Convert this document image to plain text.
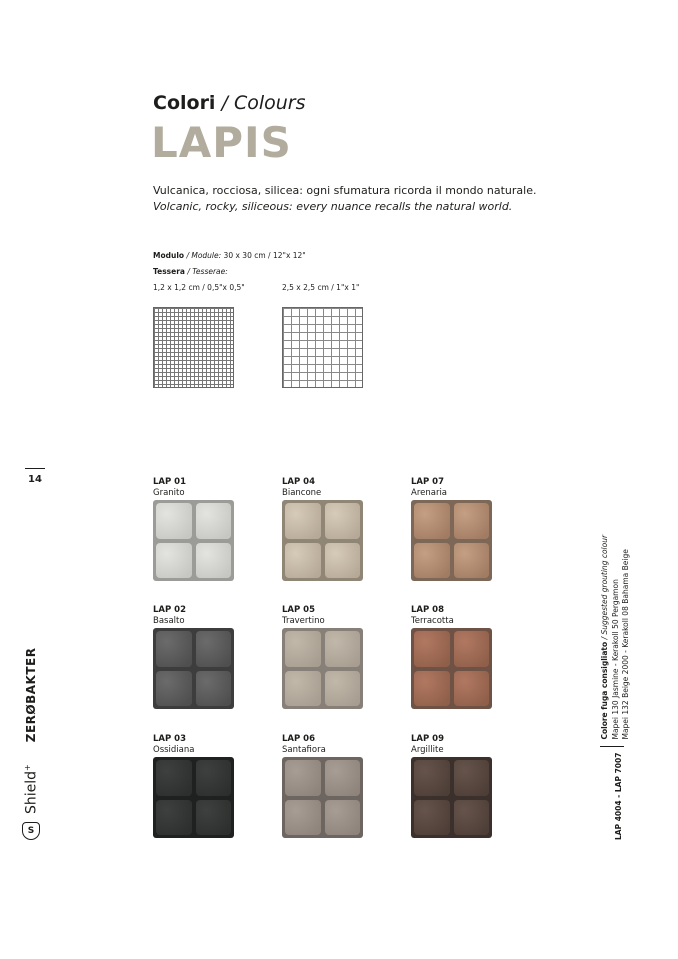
Colori / Colours
LAPIS
Vulcanica, rocciosa, silicea: ogni sfumatura ricorda il mondo naturale.
Volcanic, rocky, siliceous: every nuance recalls the natural world.
Modulo / Module: 30 x 30 cm / 12"x 12"
Tessera / Tesserae:
1,2 x 1,2 cm / 0,5"x 0,5"	2,5 x 2,5 cm / 1"x 1"
14	LAP 01
Granito
LAP 04
Biancone
LAP 07
Arenaria
LAP 02
Basalto
LAP 05
Travertino
LAP 08
Terracotta
LAP 03
Ossidiana
LAP 06
Santafiora
LAP 09
Argillite
S
Shield+
ZERØBAKTER
LAP 4004 - LAP 7007
Colore fuga consigliato / Suggested grouting colour Mapei 130 Jasmine - Kerakoll 50 Pergamon Mapei 132 Beige 2000 - Kerakoll 08 Bahama Beige
